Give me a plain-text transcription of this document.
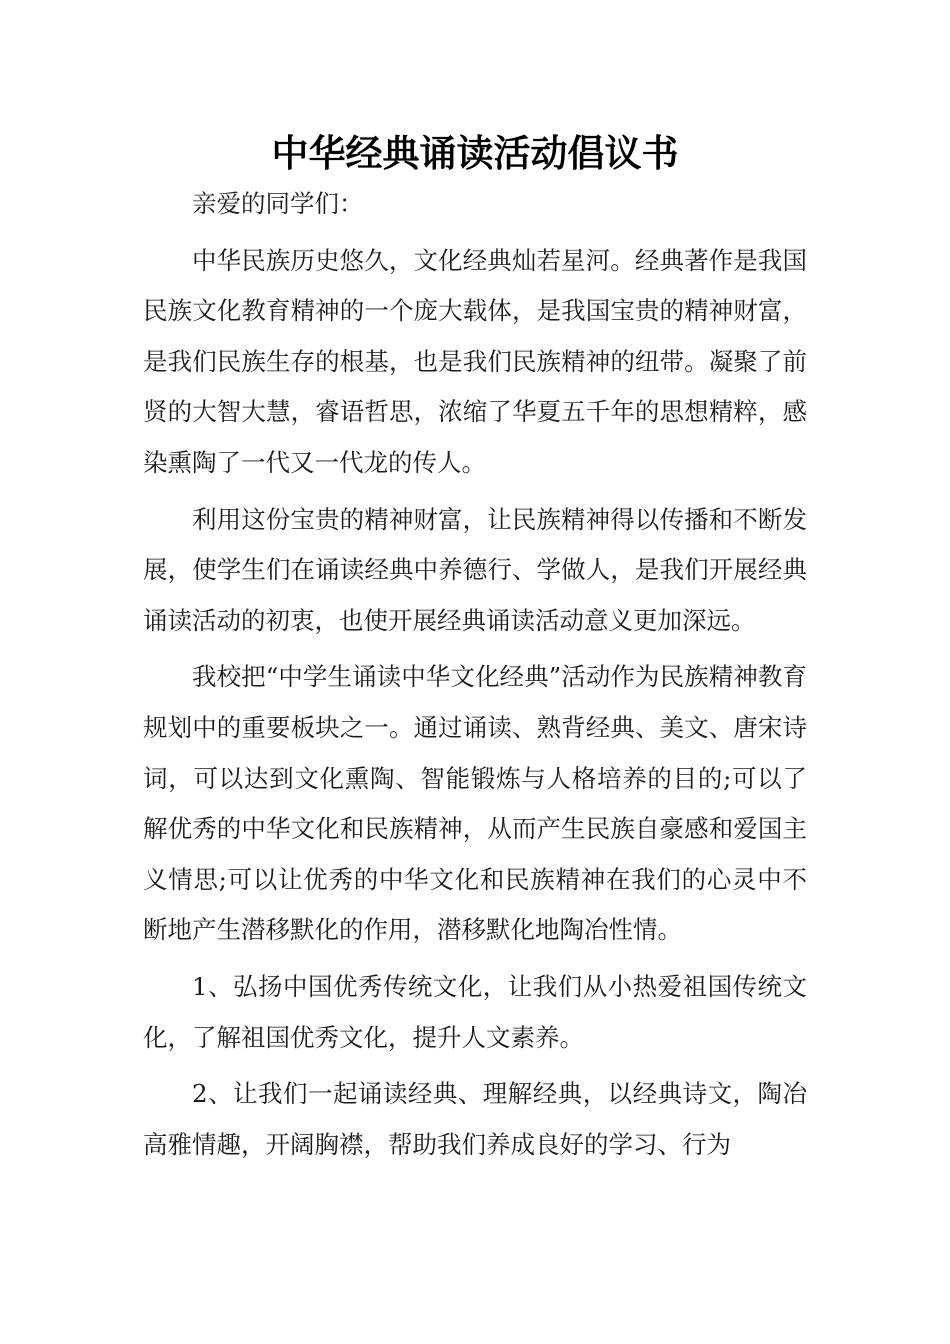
中华经典诵读活动倡议书

亲爱的同学们：

中华民族历史悠久，文化经典灿若星河。经典著作是我国民族文化教育精神的一个庞大载体，是我国宝贵的精神财富，是我们民族生存的根基，也是我们民族精神的纽带。凝聚了前贤的大智大慧，睿语哲思，浓缩了华夏五千年的思想精粹，感染熏陶了一代又一代龙的传人。

利用这份宝贵的精神财富，让民族精神得以传播和不断发展，使学生们在诵读经典中养德行、学做人，是我们开展经典诵读活动的初衷，也使开展经典诵读活动意义更加深远。

我校把“中学生诵读中华文化经典”活动作为民族精神教育规划中的重要板块之一。通过诵读、熟背经典、美文、唐宋诗词，可以达到文化熏陶、智能锻炼与人格培养的目的;可以了解优秀的中华文化和民族精神，从而产生民族自豪感和爱国主义情思;可以让优秀的中华文化和民族精神在我们的心灵中不断地产生潜移默化的作用，潜移默化地陶冶性情。

1、弘扬中国优秀传统文化，让我们从小热爱祖国传统文化，了解祖国优秀文化，提升人文素养。

2、让我们一起诵读经典、理解经典，以经典诗文，陶冶高雅情趣，开阔胸襟，帮助我们养成良好的学习、行为
